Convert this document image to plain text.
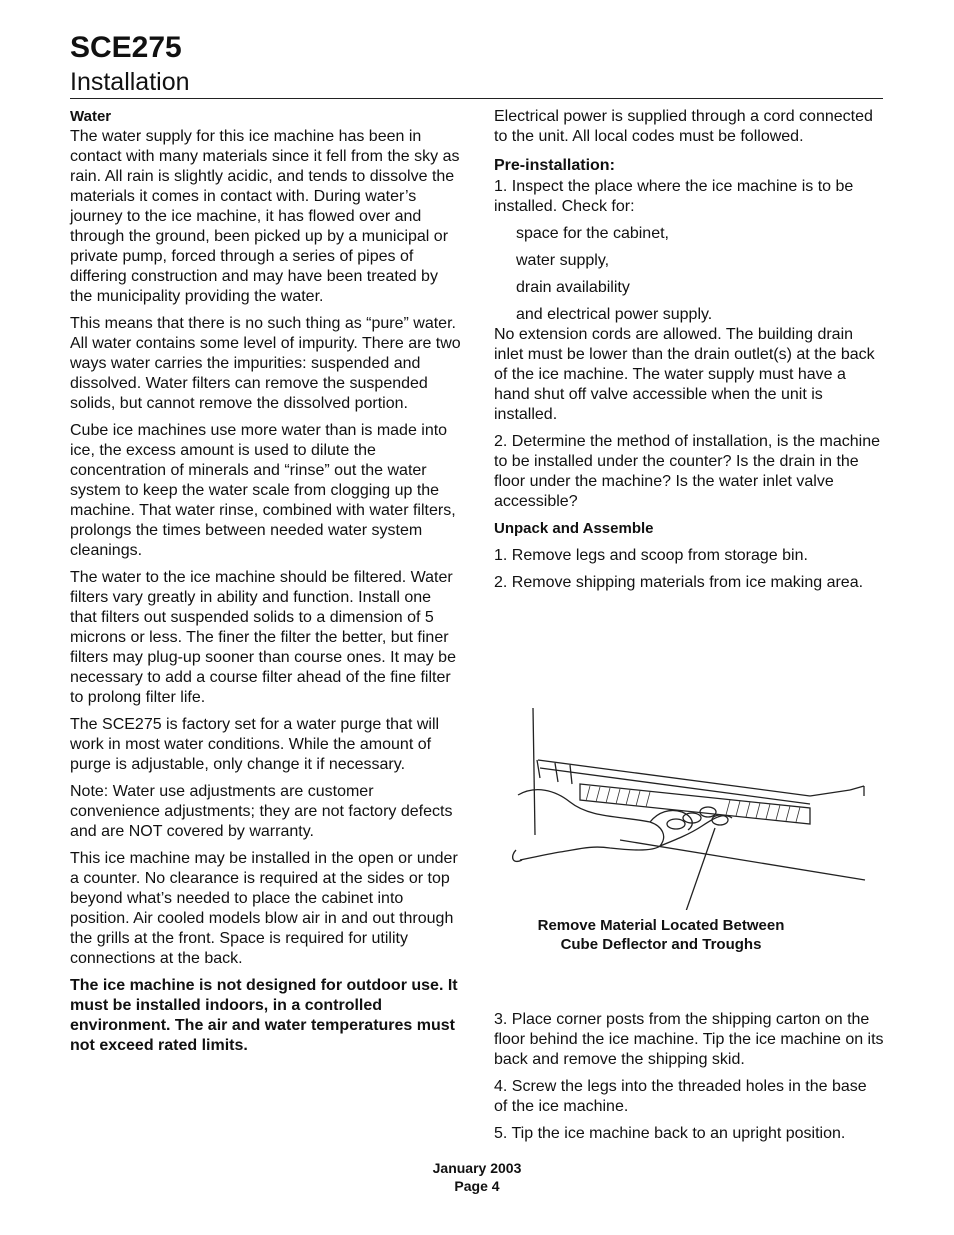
SCE275
Installation
Water

The water supply for this ice machine has been in contact with many materials since it fell from the sky as rain. All rain is slightly acidic, and tends to dissolve the materials it comes in contact with. During water’s journey to the ice machine, it has flowed over and through the ground, been picked up by a municipal or private pump, forced through a series of pipes of differing construction and may have been treated by the municipality providing the water.

This means that there is no such thing as “pure” water. All water contains some level of impurity. There are two ways water carries the impurities: suspended and dissolved. Water filters can remove the suspended solids, but cannot remove the dissolved portion.

Cube ice machines use more water than is made into ice, the excess amount is used to dilute the concentration of minerals and “rinse” out the water system to keep the water scale from clogging up the machine. That water rinse, combined with water filters, prolongs the times between needed water system cleanings.

The water to the ice machine should be filtered. Water filters vary greatly in ability and function. Install one that filters out suspended solids to a dimension of 5 microns or less. The finer the filter the better, but finer filters may plug-up sooner than course ones. It may be necessary to add a course filter ahead of the fine filter to prolong filter life.

The SCE275 is factory set for a water purge that will work in most water conditions. While the amount of purge is adjustable, only change it if necessary.

Note: Water use adjustments are customer convenience adjustments; they are not factory defects and are NOT covered by warranty.

This ice machine may be installed in the open or under a counter. No clearance is required at the sides or top beyond what’s needed to place the cabinet into position. Air cooled models blow air in and out through the grills at the front. Space is required for utility connections at the back.

The ice machine is not designed for outdoor use. It must be installed indoors, in a controlled environment. The air and water temperatures must not exceed rated limits.

Electrical power is supplied through a cord connected to the unit. All local codes must be followed.

Pre-installation:

1. Inspect the place where the ice machine is to be installed. Check for:

space for the cabinet,

water supply,

drain availability

and electrical power supply.

No extension cords are allowed. The building drain inlet must be lower than the drain outlet(s) at the back of the ice machine. The water supply must have a hand shut off valve accessible when the unit is installed.

2. Determine the method of installation, is the machine to be installed under the counter? Is the drain in the floor under the machine? Is the water inlet valve accessible?

Unpack and Assemble

1. Remove legs and scoop from storage bin.

2. Remove shipping materials from ice making area.

Remove Material Located Between
Cube Deflector and Troughs

3. Place corner posts from the shipping carton on the floor behind the ice machine. Tip the ice machine on its back and remove the shipping skid.

4. Screw the legs into the threaded holes in the base of the ice machine.

5. Tip the ice machine back to an upright position.

January 2003
Page 4
